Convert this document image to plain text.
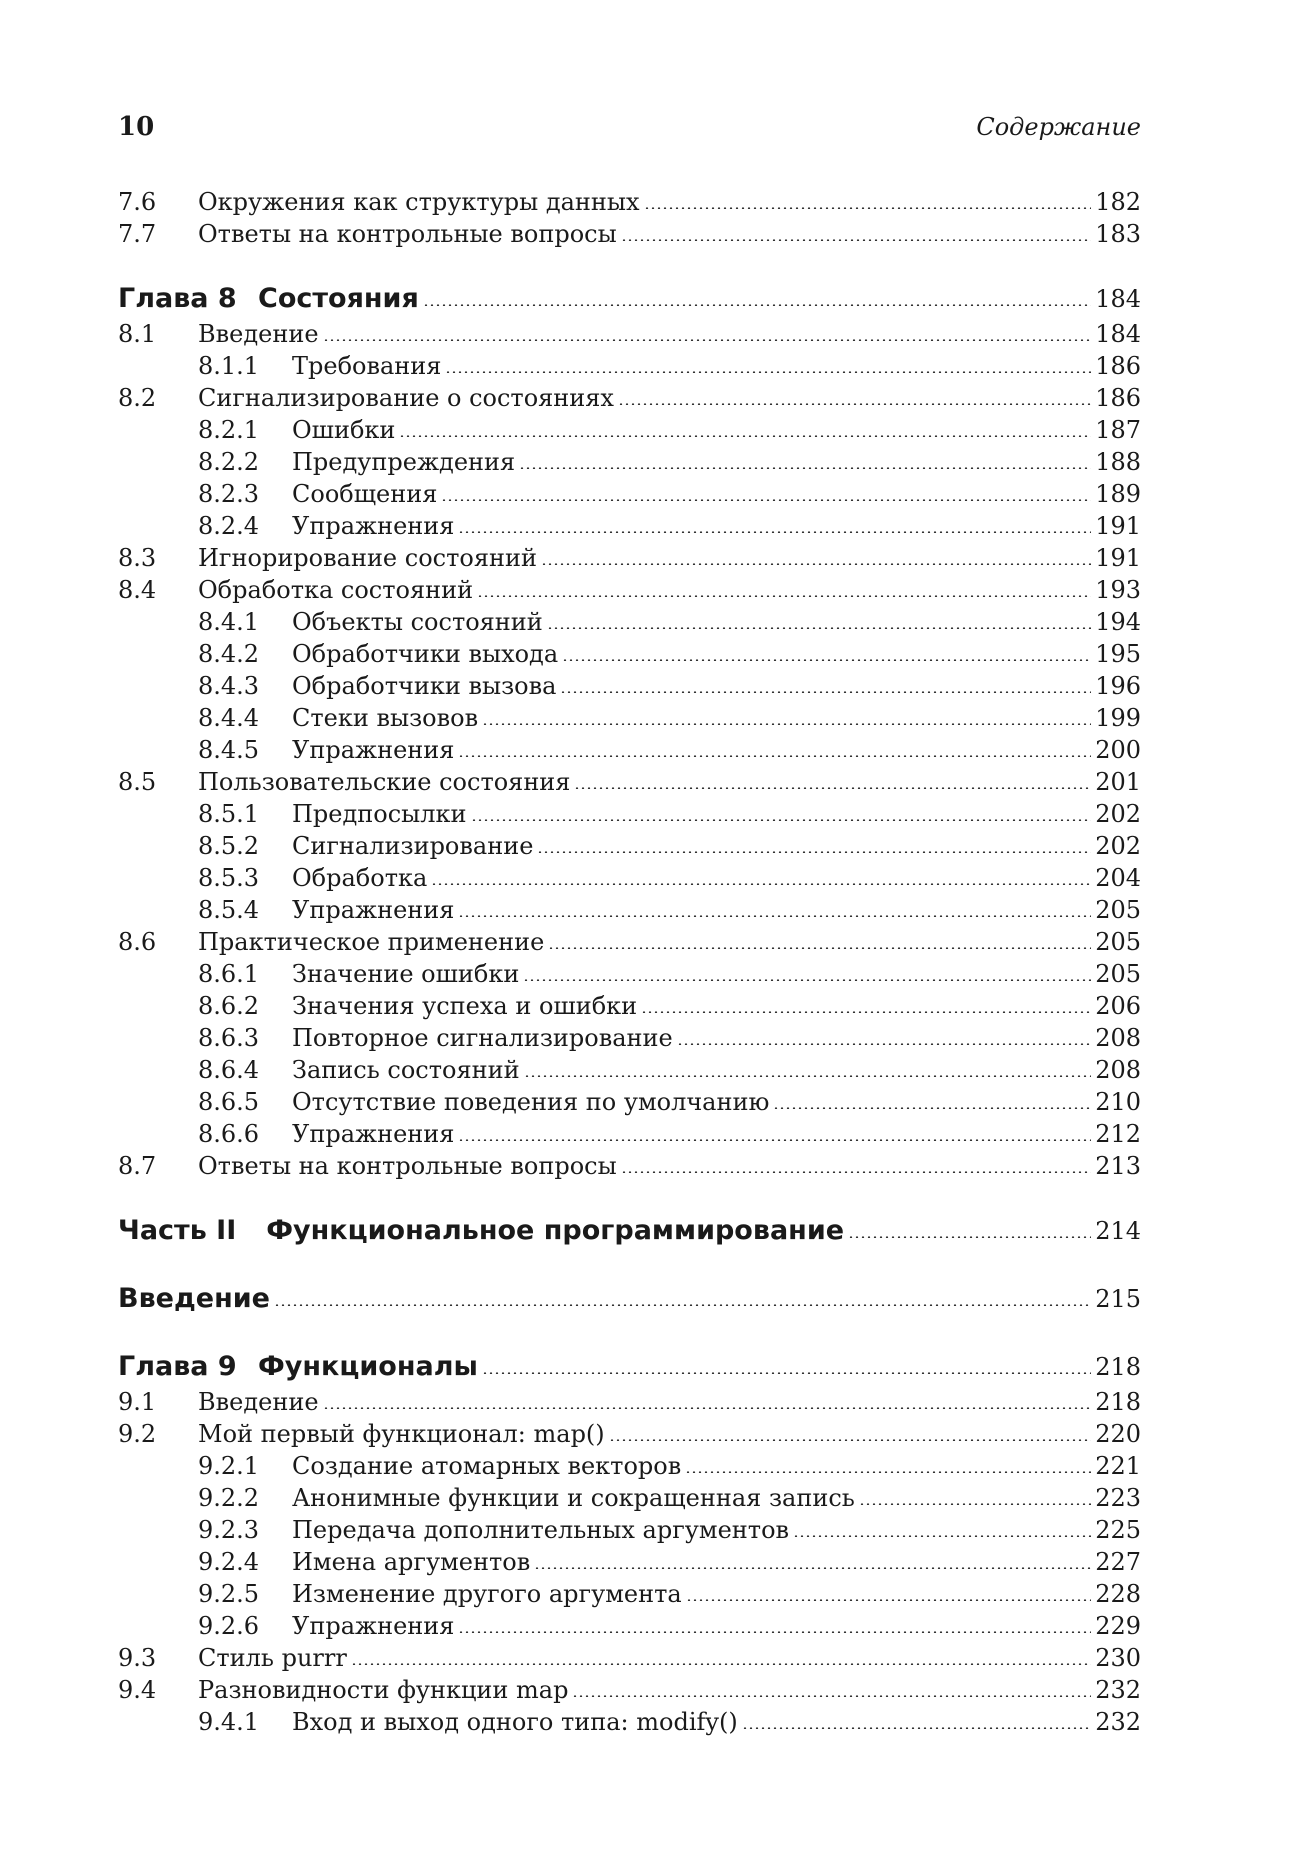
10	Содержание
7.6	Окружения как структуры данных	182
7.7	Ответы на контрольные вопросы	183
Глава 8 Состояния	184
8.1	Введение	184
8.1.1	Требования	186
8.2	Сигнализирование о состояниях	186
8.2.1	Ошибки	187
8.2.2	Предупреждения	188
8.2.3	Сообщения	189
8.2.4	Упражнения	191
8.3	Игнорирование состояний	191
8.4	Обработка состояний	193
8.4.1	Объекты состояний	194
8.4.2	Обработчики выхода	195
8.4.3	Обработчики вызова	196
8.4.4	Стеки вызовов	199
8.4.5	Упражнения	200
8.5	Пользовательские состояния	201
8.5.1	Предпосылки	202
8.5.2	Сигнализирование	202
8.5.3	Обработка	204
8.5.4	Упражнения	205
8.6	Практическое применение	205
8.6.1	Значение ошибки	205
8.6.2	Значения успеха и ошибки	206
8.6.3	Повторное сигнализирование	208
8.6.4	Запись состояний	208
8.6.5	Отсутствие поведения по умолчанию	210
8.6.6	Упражнения	212
8.7	Ответы на контрольные вопросы	213
Часть II Функциональное программирование	214
Введение	215
Глава 9 Функционалы	218
9.1	Введение	218
9.2	Мой первый функционал: map()	220
9.2.1	Создание атомарных векторов	221
9.2.2	Анонимные функции и сокращенная запись	223
9.2.3	Передача дополнительных аргументов	225
9.2.4	Имена аргументов	227
9.2.5	Изменение другого аргумента	228
9.2.6	Упражнения	229
9.3	Стиль purrr	230
9.4	Разновидности функции map	232
9.4.1	Вход и выход одного типа: modify()	232
